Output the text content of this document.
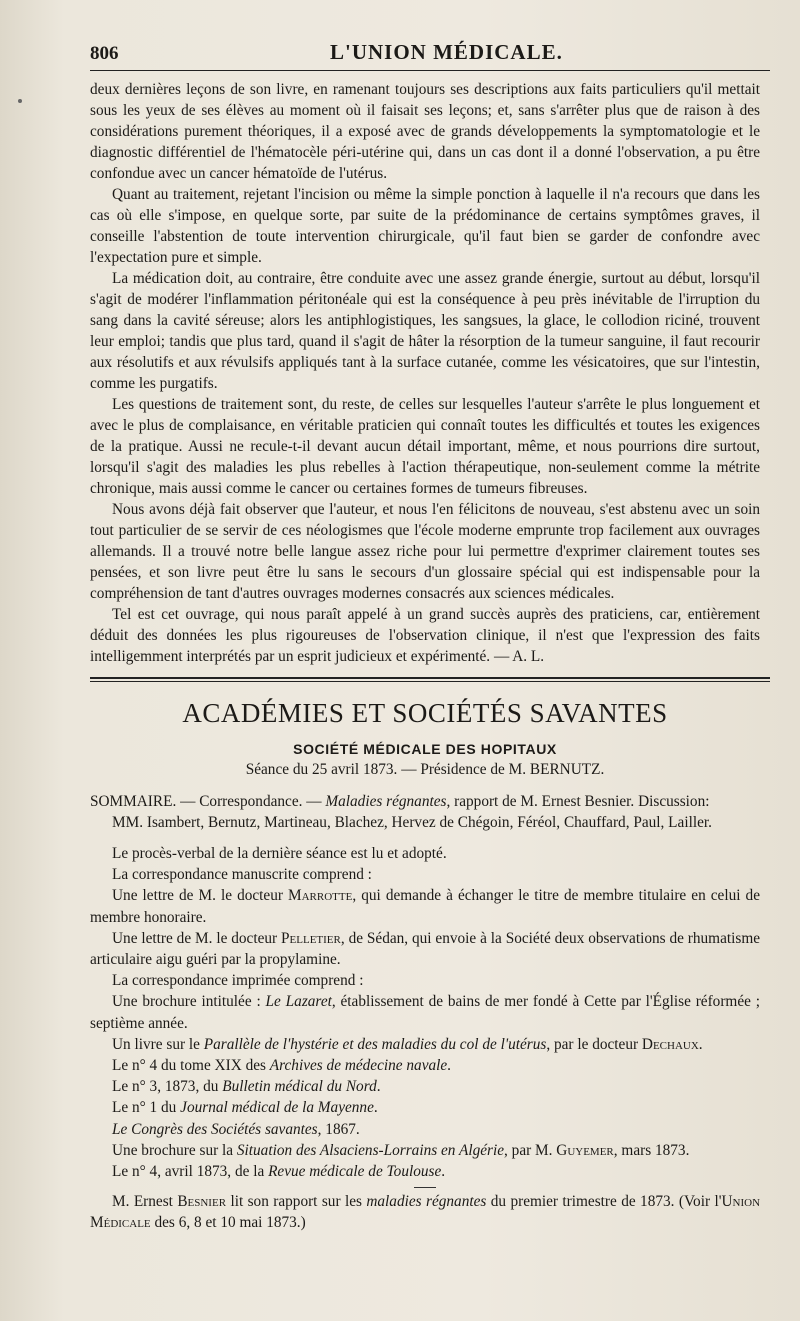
806	L'UNION MÉDICALE.

deux dernières leçons de son livre, en ramenant toujours ses descriptions aux faits particuliers qu'il mettait sous les yeux de ses élèves au moment où il faisait ses leçons; et, sans s'arrêter plus que de raison à des considérations purement théoriques, il a exposé avec de grands développements la symptomatologie et le diagnostic différentiel de l'hématocèle péri-utérine qui, dans un cas dont il a donné l'observation, a pu être confondue avec un cancer hématoïde de l'utérus.

Quant au traitement, rejetant l'incision ou même la simple ponction à laquelle il n'a recours que dans les cas où elle s'impose, en quelque sorte, par suite de la prédominance de certains symptômes graves, il conseille l'abstention de toute intervention chirurgicale, qu'il faut bien se garder de confondre avec l'expectation pure et simple.

La médication doit, au contraire, être conduite avec une assez grande énergie, surtout au début, lorsqu'il s'agit de modérer l'inflammation péritonéale qui est la conséquence à peu près inévitable de l'irruption du sang dans la cavité séreuse; alors les antiphlogistiques, les sangsues, la glace, le collodion riciné, trouvent leur emploi; tandis que plus tard, quand il s'agit de hâter la résorption de la tumeur sanguine, il faut recourir aux résolutifs et aux révulsifs appliqués tant à la surface cutanée, comme les vésicatoires, que sur l'intestin, comme les purgatifs.

Les questions de traitement sont, du reste, de celles sur lesquelles l'auteur s'arrête le plus longuement et avec le plus de complaisance, en véritable praticien qui connaît toutes les difficultés et toutes les exigences de la pratique. Aussi ne recule-t-il devant aucun détail important, même, et nous pourrions dire surtout, lorsqu'il s'agit des maladies les plus rebelles à l'action thérapeutique, non-seulement comme la métrite chronique, mais aussi comme le cancer ou certaines formes de tumeurs fibreuses.

Nous avons déjà fait observer que l'auteur, et nous l'en félicitons de nouveau, s'est abstenu avec un soin tout particulier de se servir de ces néologismes que l'école moderne emprunte trop facilement aux ouvrages allemands. Il a trouvé notre belle langue assez riche pour lui permettre d'exprimer clairement toutes ses pensées, et son livre peut être lu sans le secours d'un glossaire spécial qui est indispensable pour la compréhension de tant d'autres ouvrages modernes consacrés aux sciences médicales.

Tel est cet ouvrage, qui nous paraît appelé à un grand succès auprès des praticiens, car, entièrement déduit des données les plus rigoureuses de l'observation clinique, il n'est que l'expression des faits intelligemment interprétés par un esprit judicieux et expérimenté. — A. L.

ACADÉMIES ET SOCIÉTÉS SAVANTES
SOCIÉTÉ MÉDICALE DES HOPITAUX
Séance du 25 avril 1873. — Présidence de M. BERNUTZ.

SOMMAIRE. — Correspondance. — Maladies régnantes, rapport de M. Ernest Besnier. Discussion:

MM. Isambert, Bernutz, Martineau, Blachez, Hervez de Chégoin, Féréol, Chauffard, Paul, Lailler.

Le procès-verbal de la dernière séance est lu et adopté.

La correspondance manuscrite comprend :

Une lettre de M. le docteur Marrotte, qui demande à échanger le titre de membre titulaire en celui de membre honoraire.

Une lettre de M. le docteur Pelletier, de Sédan, qui envoie à la Société deux observations de rhumatisme articulaire aigu guéri par la propylamine.

La correspondance imprimée comprend :

Une brochure intitulée : Le Lazaret, établissement de bains de mer fondé à Cette par l'Église réformée ; septième année.

Un livre sur le Parallèle de l'hystérie et des maladies du col de l'utérus, par le docteur Dechaux.

Le n° 4 du tome XIX des Archives de médecine navale.

Le n° 3, 1873, du Bulletin médical du Nord.

Le n° 1 du Journal médical de la Mayenne.

Le Congrès des Sociétés savantes, 1867.

Une brochure sur la Situation des Alsaciens-Lorrains en Algérie, par M. Guyemer, mars 1873.

Le n° 4, avril 1873, de la Revue médicale de Toulouse.

M. Ernest Besnier lit son rapport sur les maladies régnantes du premier trimestre de 1873. (Voir l'Union Médicale des 6, 8 et 10 mai 1873.)
